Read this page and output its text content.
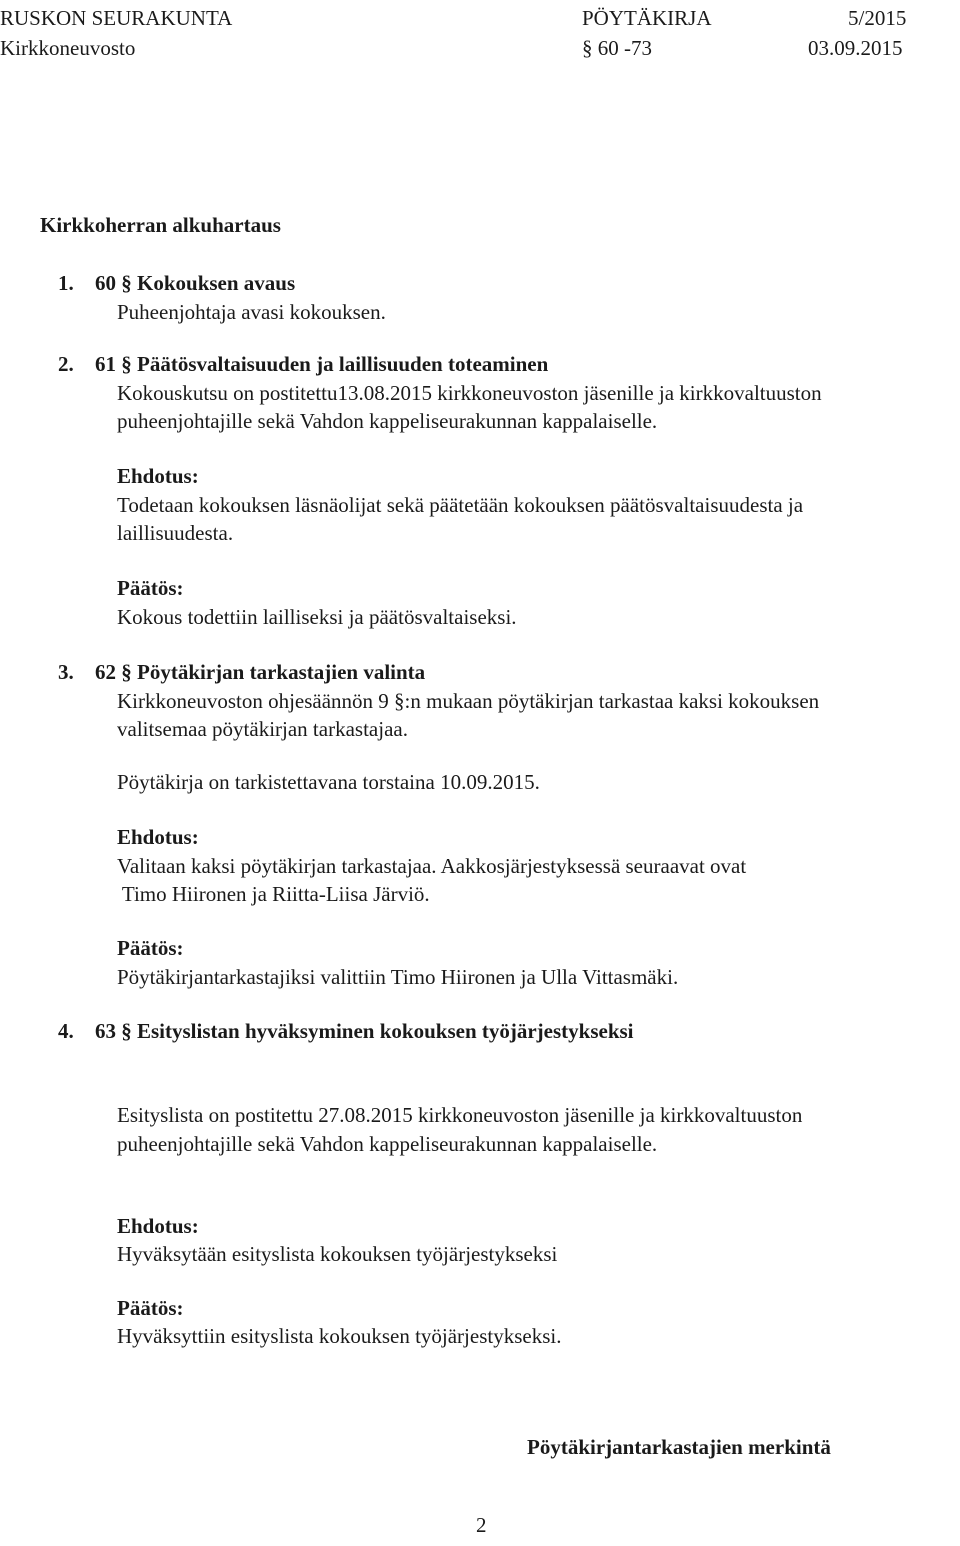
RUSKON SEURAKUNTA	PÖYTÄKIRJA	5/2015
Kirkkoneuvosto	§ 60 -73	03.09.2015
Kirkkoherran alkuhartaus
1. 60 § Kokouksen avaus
Puheenjohtaja avasi kokouksen.
2. 61 § Päätösvaltaisuuden ja laillisuuden toteaminen
Kokouskutsu on postitettu13.08.2015 kirkkoneuvoston jäsenille ja kirkkovaltuuston
puheenjohtajille sekä Vahdon kappeliseurakunnan kappalaiselle.
Ehdotus:
Todetaan kokouksen läsnäolijat sekä päätetään kokouksen päätösvaltaisuudesta ja
laillisuudesta.
Päätös:
Kokous todettiin lailliseksi ja päätösvaltaiseksi.
3. 62 § Pöytäkirjan tarkastajien valinta
Kirkkoneuvoston ohjesäännön 9 §:n mukaan pöytäkirjan tarkastaa kaksi kokouksen
valitsemaa pöytäkirjan tarkastajaa.
Pöytäkirja on tarkistettavana torstaina 10.09.2015.
Ehdotus:
Valitaan kaksi pöytäkirjan tarkastajaa. Aakkosjärjestyksessä seuraavat ovat
Timo Hiironen ja Riitta-Liisa Järviö.
Päätös:
Pöytäkirjantarkastajiksi valittiin Timo Hiironen ja Ulla Vittasmäki.
4. 63 § Esityslistan hyväksyminen kokouksen työjärjestykseksi
Esityslista on postitettu 27.08.2015 kirkkoneuvoston jäsenille ja kirkkovaltuuston
puheenjohtajille sekä Vahdon kappeliseurakunnan kappalaiselle.
Ehdotus:
Hyväksytään esityslista kokouksen työjärjestykseksi
Päätös:
Hyväksyttiin esityslista kokouksen työjärjestykseksi.
Pöytäkirjantarkastajien merkintä
2
